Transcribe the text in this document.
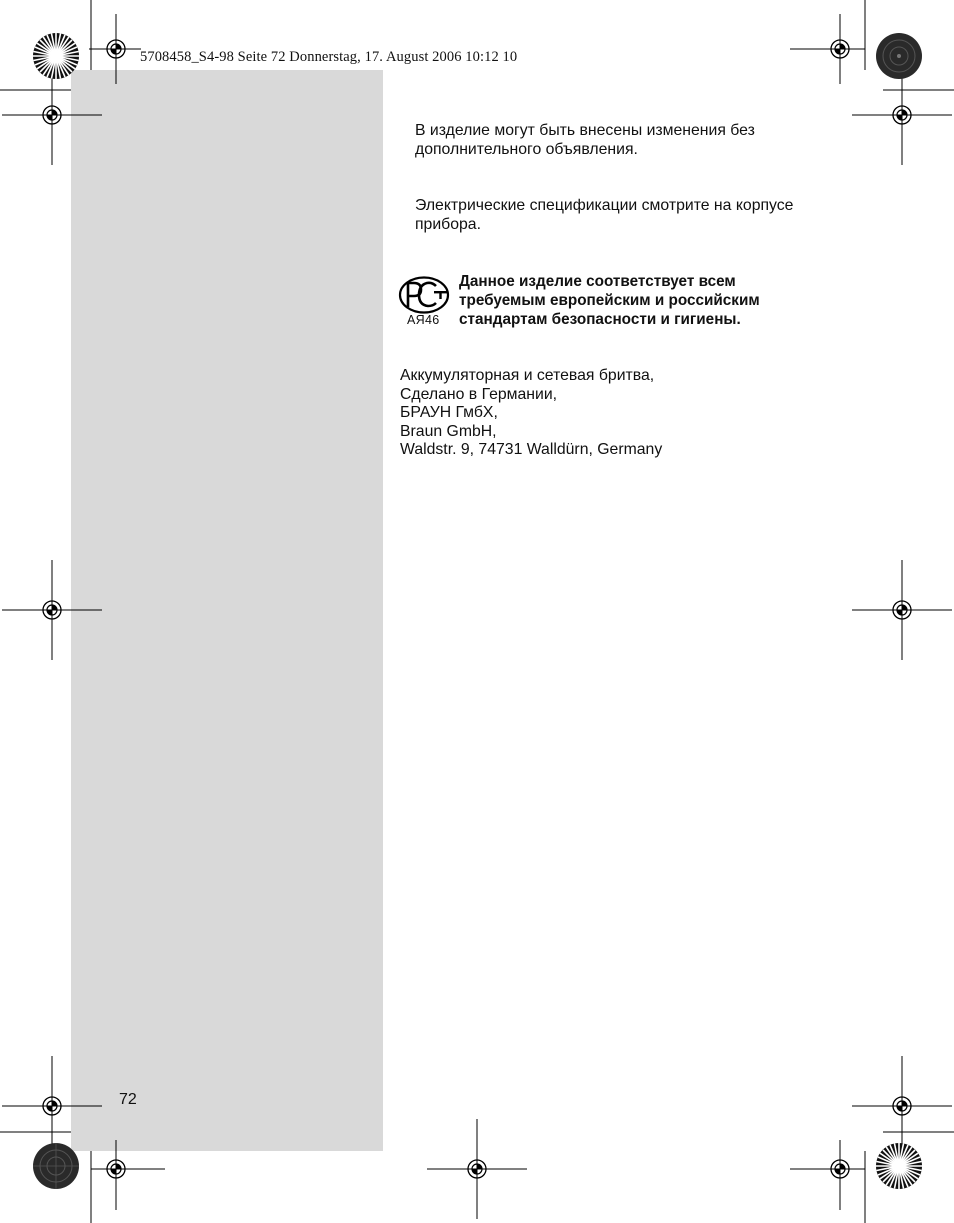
5708458_S4-98 Seite 72 Donnerstag, 17. August 2006 10:12 10
В изделие могут быть внесены изменения без
дополнительного объявления.
Электрические спецификации смотрите на корпусе
прибора.
АЯ46
Данное изделие соответствует всем
требуемым европейским и российским
стандартам безопасности и гигиены.
Аккумуляторная и сетевая бритва,
Сделано в Германии,
БРАУН ГмбХ,
Braun GmbH,
Waldstr. 9, 74731 Walldürn, Germany
72
